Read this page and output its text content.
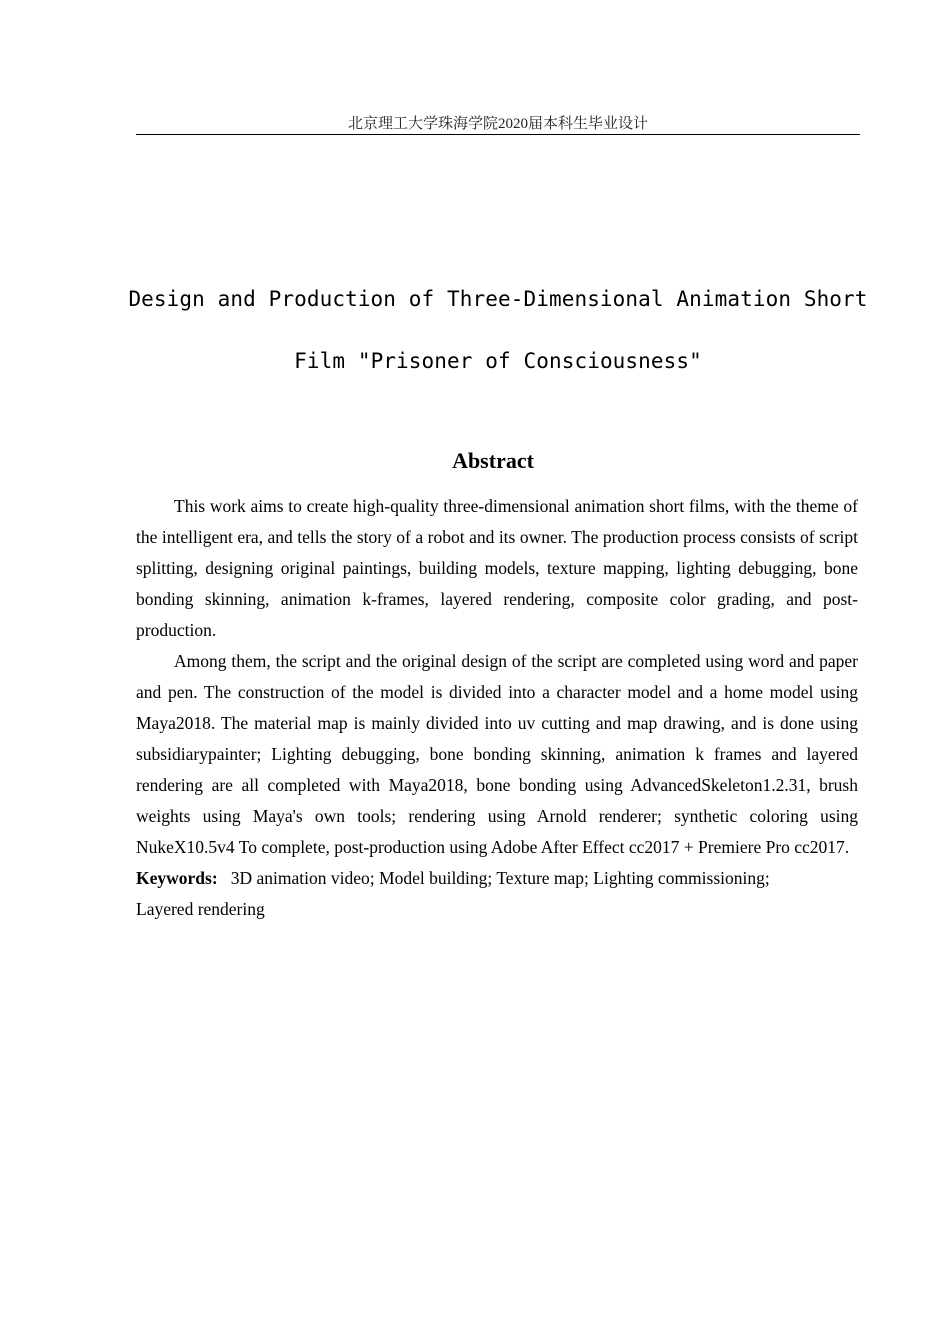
北京理工大学珠海学院2020届本科生毕业设计
Design and Production of Three-Dimensional Animation Short
Film "Prisoner of Consciousness"
Abstract

This work aims to create high-quality three-dimensional animation short films, with the theme of the intelligent era, and tells the story of a robot and its owner. The production process consists of script splitting, designing original paintings, building models, texture mapping, lighting debugging, bone bonding skinning, animation k-frames, layered rendering, composite color grading, and post-production.

Among them, the script and the original design of the script are completed using word and paper and pen. The construction of the model is divided into a character model and a home model using Maya2018. The material map is mainly divided into uv cutting and map drawing, and is done using subsidiarypainter; Lighting debugging, bone bonding skinning, animation k frames and layered rendering are all completed with Maya2018, bone bonding using AdvancedSkeleton1.2.31, brush weights using Maya's own tools; rendering using Arnold renderer; synthetic coloring using NukeX10.5v4 To complete, post-production using Adobe After Effect cc2017 + Premiere Pro cc2017.

Keywords: 3D animation video; Model building; Texture map; Lighting commissioning;
Layered rendering
